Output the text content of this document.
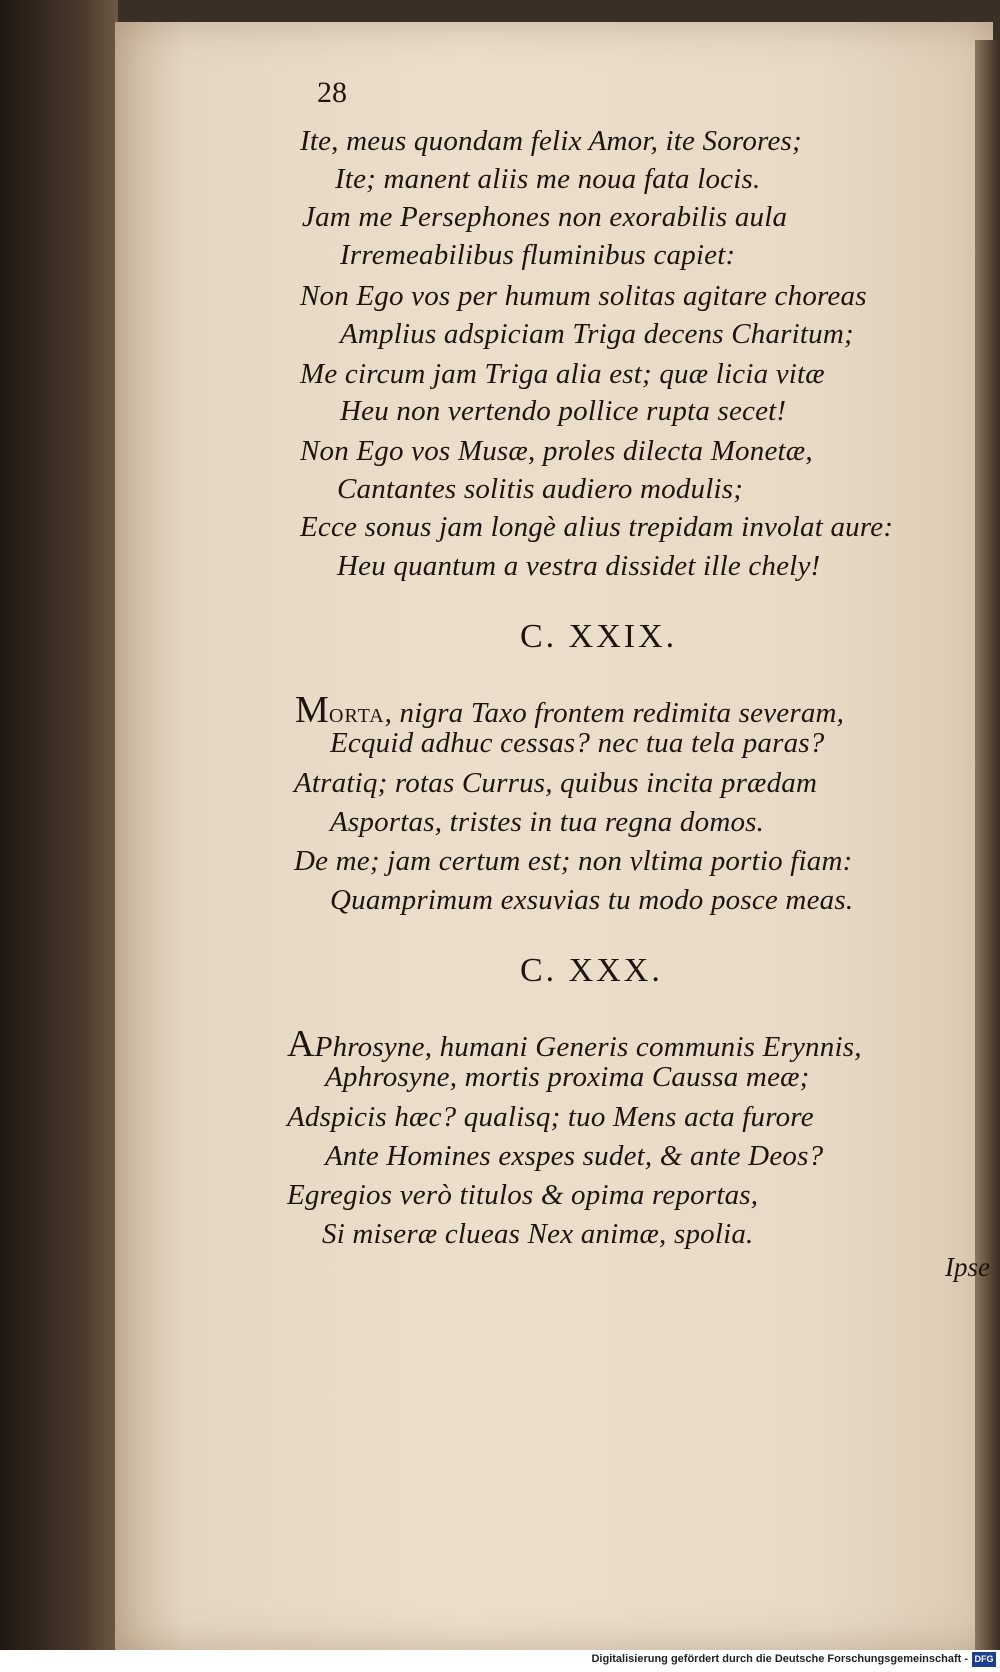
28
Ite, meus quondam felix Amor, ite Sorores;
Ite; manent aliis me noua fata locis.
Jam me Persephones non exorabilis aula
Irremeabilibus fluminibus capiet:
Non Ego vos per humum solitas agitare choreas
Amplius adspiciam Triga decens Charitum;
Me circum jam Triga alia est; quæ licia vitæ
Heu non vertendo pollice rupta secet!
Non Ego vos Musæ, proles dilecta Monetæ,
Cantantes solitis audiero modulis;
Ecce sonus jam longè alius trepidam involat aure:
Heu quantum a vestra dissidet ille chely!
C. XXIX.
Morta, nigra Taxo frontem redimita severam,
Ecquid adhuc cessas? nec tua tela paras?
Atratiq; rotas Currus, quibus incita prædam
Asportas, tristes in tua regna domos.
De me; jam certum est; non vltima portio fiam:
Quamprimum exsuvias tu modo posce meas.
C. XXX.
APhrosyne, humani Generis communis Erynnis,
Aphrosyne, mortis proxima Caussa meæ;
Adspicis hæc? qualisq; tuo Mens acta furore
Ante Homines exspes sudet, & ante Deos?
Egregios verò titulos & opima reportas,
Si miseræ clueas Nex animæ, spolia.
Ipse
Digitalisierung gefördert durch die Deutsche Forschungsgemeinschaft - DFG
